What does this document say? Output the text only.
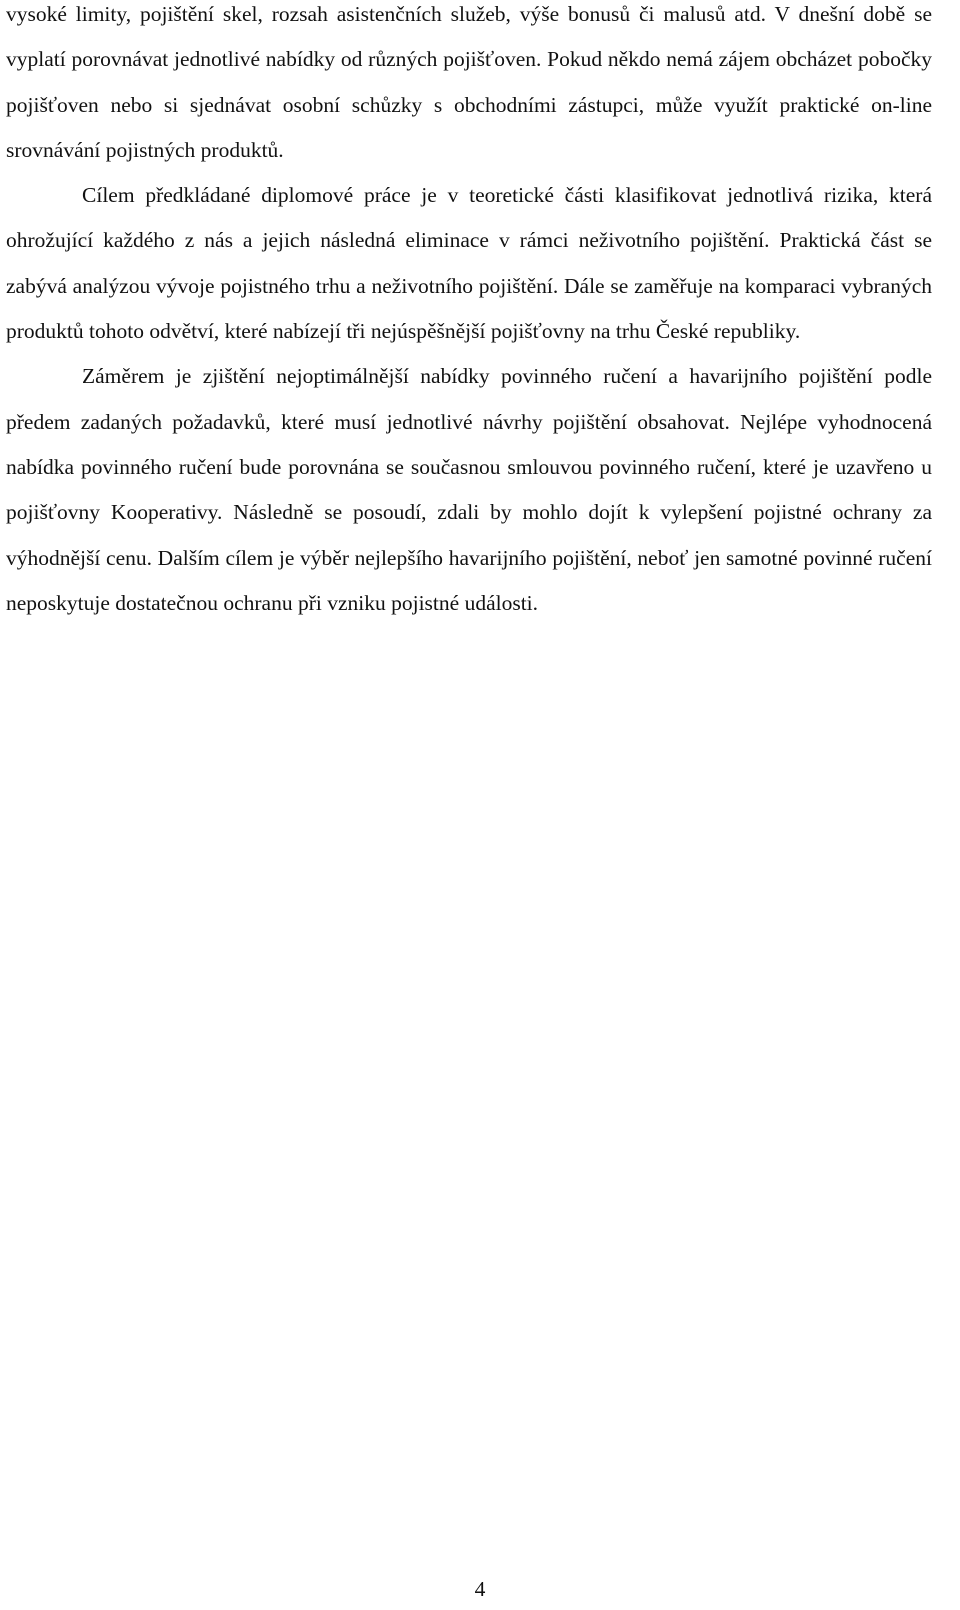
vysoké limity, pojištění skel, rozsah asistenčních služeb, výše bonusů či malusů atd. V dnešní době se vyplatí porovnávat jednotlivé nabídky od různých pojišťoven. Pokud někdo nemá zájem obcházet pobočky pojišťoven nebo si sjednávat osobní schůzky s obchodními zástupci, může využít praktické on-line srovnávání pojistných produktů.

Cílem předkládané diplomové práce je v teoretické části klasifikovat jednotlivá rizika, která ohrožující každého z nás a jejich následná eliminace v rámci neživotního pojištění. Praktická část se zabývá analýzou vývoje pojistného trhu a neživotního pojištění. Dále se zaměřuje na komparaci vybraných produktů tohoto odvětví, které nabízejí tři nejúspěšnější pojišťovny na trhu České republiky.

Záměrem je zjištění nejoptimálnější nabídky povinného ručení a havarijního pojištění podle předem zadaných požadavků, které musí jednotlivé návrhy pojištění obsahovat. Nejlépe vyhodnocená nabídka povinného ručení bude porovnána se současnou smlouvou povinného ručení, které je uzavřeno u pojišťovny Kooperativy. Následně se posoudí, zdali by mohlo dojít k vylepšení pojistné ochrany za výhodnější cenu. Dalším cílem je výběr nejlepšího havarijního pojištění, neboť jen samotné povinné ručení neposkytuje dostatečnou ochranu při vzniku pojistné události.

4
